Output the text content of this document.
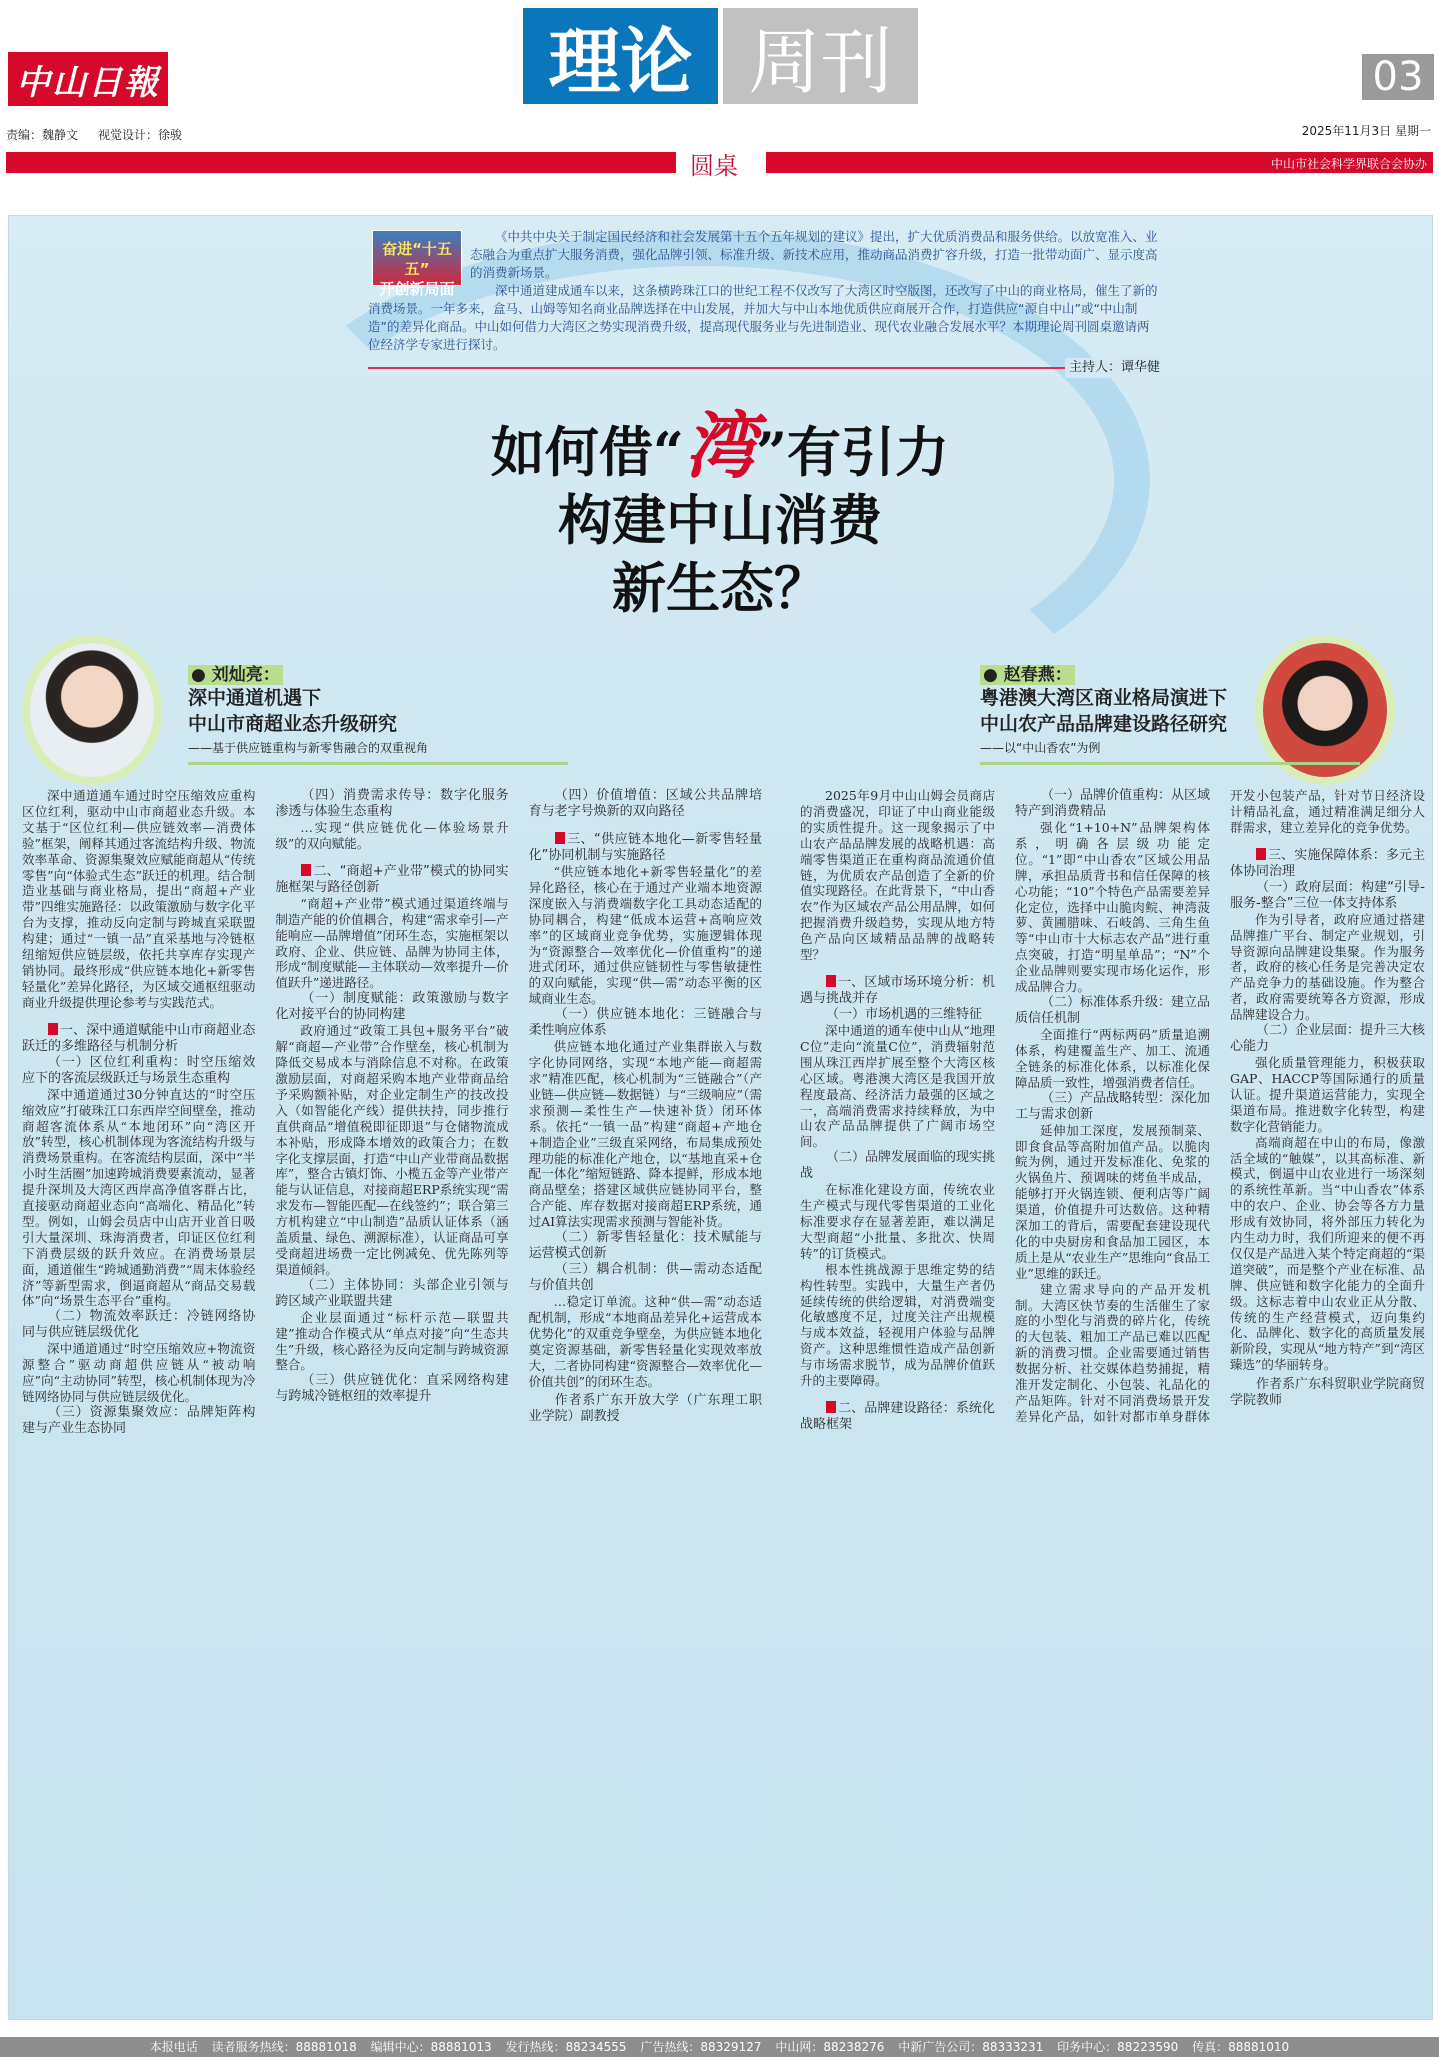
中山日報	理论 周刊	03
责编：魏静文 视觉设计：徐骏	2025年11月3日 星期一
圆桌	中山市社会科学界联合会协办
奋进“十五五”
开创新局面

《中共中央关于制定国民经济和社会发展第十五个五年规划的建议》提出，扩大优质消费品和服务供给。以放宽准入、业态融合为重点扩大服务消费，强化品牌引领、标准升级、新技术应用，推动商品消费扩容升级，打造一批带动面广、显示度高的消费新场景。

深中通道建成通车以来，这条横跨珠江口的世纪工程不仅改写了大湾区时空版图，还改写了中山的商业格局，催生了新的消费场景。一年多来，盒马、山姆等知名商业品牌选择在中山发展，并加大与中山本地优质供应商展开合作，打造供应“源自中山”或“中山制造”的差异化商品。中山如何借力大湾区之势实现消费升级，提高现代服务业与先进制造业、现代农业融合发展水平？本期理论周刊圆桌邀请两位经济学专家进行探讨。

主持人：谭华健
如何借“湾”有引力
构建中山消费
新生态？
● 刘灿亮：
深中通道机遇下
中山市商超业态升级研究
——基于供应链重构与新零售融合的双重视角
● 赵春燕：
粤港澳大湾区商业格局演进下
中山农产品品牌建设路径研究
——以“中山香农”为例

深中通道通车通过时空压缩效应重构区位红利，驱动中山市商超业态升级。本文基于“区位红利—供应链效率—消费体验”框架，阐释其通过客流结构升级、物流效率革命、资源集聚效应赋能商超从“传统零售”向“体验式生态”跃迁的机理。结合制造业基础与商业格局，提出“商超+产业带”四维实施路径：以政策激励与数字化平台为支撑，推动反向定制与跨城直采联盟构建；通过“一镇一品”直采基地与冷链枢纽缩短供应链层级，依托共享库存实现产销协同。最终形成“供应链本地化+新零售轻量化”差异化路径，为区域交通枢纽驱动商业升级提供理论参考与实践范式。

一、深中通道赋能中山市商超业态跃迁的多维路径与机制分析
（一）区位红利重构：时空压缩效应下的客流层级跃迁与场景生态重构

深中通道通过30分钟直达的“时空压缩效应”打破珠江口东西岸空间壁垒，推动商超客流体系从“本地闭环”向“湾区开放”转型，核心机制体现为客流结构升级与消费场景重构。在客流结构层面，深中“半小时生活圈”加速跨城消费要素流动，显著提升深圳及大湾区西岸高净值客群占比，直接驱动商超业态向“高端化、精品化”转型。例如，山姆会员店中山店开业首日吸引大量深圳、珠海消费者，印证区位红利下消费层级的跃升效应。在消费场景层面，通道催生“跨城通勤消费”“周末体验经济”等新型需求，倒逼商超从“商品交易载体”向“场景生态平台”重构。

（二）物流效率跃迁：冷链网络协同与供应链层级优化

深中通道通过“时空压缩效应+物流资源整合”驱动商超供应链从“被动响应”向“主动协同”转型，核心机制体现为冷链网络协同与供应链层级优化。

（三）资源集聚效应：品牌矩阵构建与产业生态协同
（四）消费需求传导：数字化服务渗透与体验生态重构

…实现“供应链优化—体验场景升级”的双向赋能。

二、“商超+产业带”模式的协同实施框架与路径创新

“商超+产业带”模式通过渠道终端与制造产能的价值耦合，构建“需求牵引—产能响应—品牌增值”闭环生态，实施框架以政府、企业、供应链、品牌为协同主体，形成“制度赋能—主体联动—效率提升—价值跃升”递进路径。

（一）制度赋能：政策激励与数字化对接平台的协同构建

政府通过“政策工具包+服务平台”破解“商超—产业带”合作壁垒，核心机制为降低交易成本与消除信息不对称。在政策激励层面，对商超采购本地产业带商品给予采购额补贴，对企业定制生产的技改投入（如智能化产线）提供扶持，同步推行直供商品“增值税即征即退”与仓储物流成本补贴，形成降本增效的政策合力；在数字化支撑层面，打造“中山产业带商品数据库”，整合古镇灯饰、小榄五金等产业带产能与认证信息，对接商超ERP系统实现“需求发布—智能匹配—在线签约”；联合第三方机构建立“中山制造”品质认证体系（涵盖质量、绿色、溯源标准），认证商品可享受商超进场费一定比例减免、优先陈列等渠道倾斜。

（二）主体协同：头部企业引领与跨区域产业联盟共建

企业层面通过“标杆示范—联盟共建”推动合作模式从“单点对接”向“生态共生”升级，核心路径为反向定制与跨城资源整合。

（三）供应链优化：直采网络构建与跨城冷链枢纽的效率提升
（四）价值增值：区域公共品牌培育与老字号焕新的双向路径
三、“供应链本地化—新零售轻量化”协同机制与实施路径

“供应链本地化+新零售轻量化”的差异化路径，核心在于通过产业端本地资源深度嵌入与消费端数字化工具动态适配的协同耦合，构建“低成本运营+高响应效率”的区域商业竞争优势，实施逻辑体现为“资源整合—效率优化—价值重构”的递进式闭环，通过供应链韧性与零售敏捷性的双向赋能，实现“供—需”动态平衡的区域商业生态。

（一）供应链本地化：三链融合与柔性响应体系

供应链本地化通过产业集群嵌入与数字化协同网络，实现“本地产能—商超需求”精准匹配，核心机制为“三链融合”（产业链—供应链—数据链）与“三级响应”（需求预测—柔性生产—快速补货）闭环体系。依托“一镇一品”构建“商超+产地仓+制造企业”三级直采网络，布局集成预处理功能的标准化产地仓，以“基地直采+仓配一体化”缩短链路、降本提鲜，形成本地商品壁垒；搭建区域供应链协同平台，整合产能、库存数据对接商超ERP系统，通过AI算法实现需求预测与智能补货。

（二）新零售轻量化：技术赋能与运营模式创新
（三）耦合机制：供—需动态适配与价值共创

…稳定订单流。这种“供—需”动态适配机制，形成“本地商品差异化+运营成本优势化”的双重竞争壁垒，为供应链本地化奠定资源基础，新零售轻量化实现效率放大，二者协同构建“资源整合—效率优化—价值共创”的闭环生态。

作者系广东开放大学（广东理工职业学院）副教授

2025年9月中山山姆会员商店的消费盛况，印证了中山商业能级的实质性提升。这一现象揭示了中山农产品品牌发展的战略机遇：高端零售渠道正在重构商品流通价值链，为优质农产品创造了全新的价值实现路径。在此背景下，“中山香农”作为区域农产品公用品牌，如何把握消费升级趋势，实现从地方特色产品向区域精品品牌的战略转型？

一、区域市场环境分析：机遇与挑战并存
（一）市场机遇的三维特征

深中通道的通车使中山从“地理C位”走向“流量C位”，消费辐射范围从珠江西岸扩展至整个大湾区核心区域。粤港澳大湾区是我国开放程度最高、经济活力最强的区域之一，高端消费需求持续释放，为中山农产品品牌提供了广阔市场空间。

（二）品牌发展面临的现实挑战

在标准化建设方面，传统农业生产模式与现代零售渠道的工业化标准要求存在显著差距，难以满足大型商超“小批量、多批次、快周转”的订货模式。

根本性挑战源于思维定势的结构性转型。实践中，大量生产者仍延续传统的供给逻辑，对消费端变化敏感度不足，过度关注产出规模与成本效益，轻视用户体验与品牌资产。这种思维惯性造成产品创新与市场需求脱节，成为品牌价值跃升的主要障碍。

二、品牌建设路径：系统化战略框架
（一）品牌价值重构：从区域特产到消费精品

强化“1+10+N”品牌架构体系，明确各层级功能定位。“1”即“中山香农”区域公用品牌，承担品质背书和信任保障的核心功能；“10”个特色产品需要差异化定位，选择中山脆肉鲩、神湾菠萝、黄圃腊味、石岐鸽、三角生鱼等“中山市十大标志农产品”进行重点突破，打造“明星单品”；“N”个企业品牌则要实现市场化运作，形成品牌合力。

（二）标准体系升级：建立品质信任机制

全面推行“两标两码”质量追溯体系，构建覆盖生产、加工、流通全链条的标准化体系，以标准化保障品质一致性，增强消费者信任。

（三）产品战略转型：深化加工与需求创新

延伸加工深度，发展预制菜、即食食品等高附加值产品。以脆肉鲩为例，通过开发标准化、免浆的火锅鱼片、预调味的烤鱼半成品，能够打开火锅连锁、便利店等广阔渠道，价值提升可达数倍。这种精深加工的背后，需要配套建设现代化的中央厨房和食品加工园区，本质上是从“农业生产”思维向“食品工业”思维的跃迁。

建立需求导向的产品开发机制。大湾区快节奏的生活催生了家庭的小型化与消费的碎片化，传统的大包装、粗加工产品已难以匹配新的消费习惯。企业需要通过销售数据分析、社交媒体趋势捕捉，精准开发定制化、小包装、礼品化的产品矩阵。针对不同消费场景开发差异化产品，如针对都市单身群体开发小包装产品，针对节日经济设计精品礼盒，通过精准满足细分人群需求，建立差异化的竞争优势。

三、实施保障体系：多元主体协同治理
（一）政府层面：构建“引导-服务-整合”三位一体支持体系

作为引导者，政府应通过搭建品牌推广平台、制定产业规划，引导资源向品牌建设集聚。作为服务者，政府的核心任务是完善决定农产品竞争力的基础设施。作为整合者，政府需要统筹各方资源，形成品牌建设合力。

（二）企业层面：提升三大核心能力

强化质量管理能力，积极获取GAP、HACCP等国际通行的质量认证。提升渠道运营能力，实现全渠道布局。推进数字化转型，构建数字化营销能力。

高端商超在中山的布局，像激活全域的“触媒”，以其高标准、新模式，倒逼中山农业进行一场深刻的系统性革新。当“中山香农”体系中的农户、企业、协会等各方力量形成有效协同，将外部压力转化为内生动力时，我们所迎来的便不再仅仅是产品进入某个特定商超的“渠道突破”，而是整个产业在标准、品牌、供应链和数字化能力的全面升级。这标志着中山农业正从分散、传统的生产经营模式，迈向集约化、品牌化、数字化的高质量发展新阶段，实现从“地方特产”到“湾区臻选”的华丽转身。

作者系广东科贸职业学院商贸学院教师

本报电话 读者服务热线：88881018 编辑中心：88881013 发行热线：88234555 广告热线：88329127 中山网：88238276 中新广告公司：88333231 印务中心：88223590 传真：88881010
